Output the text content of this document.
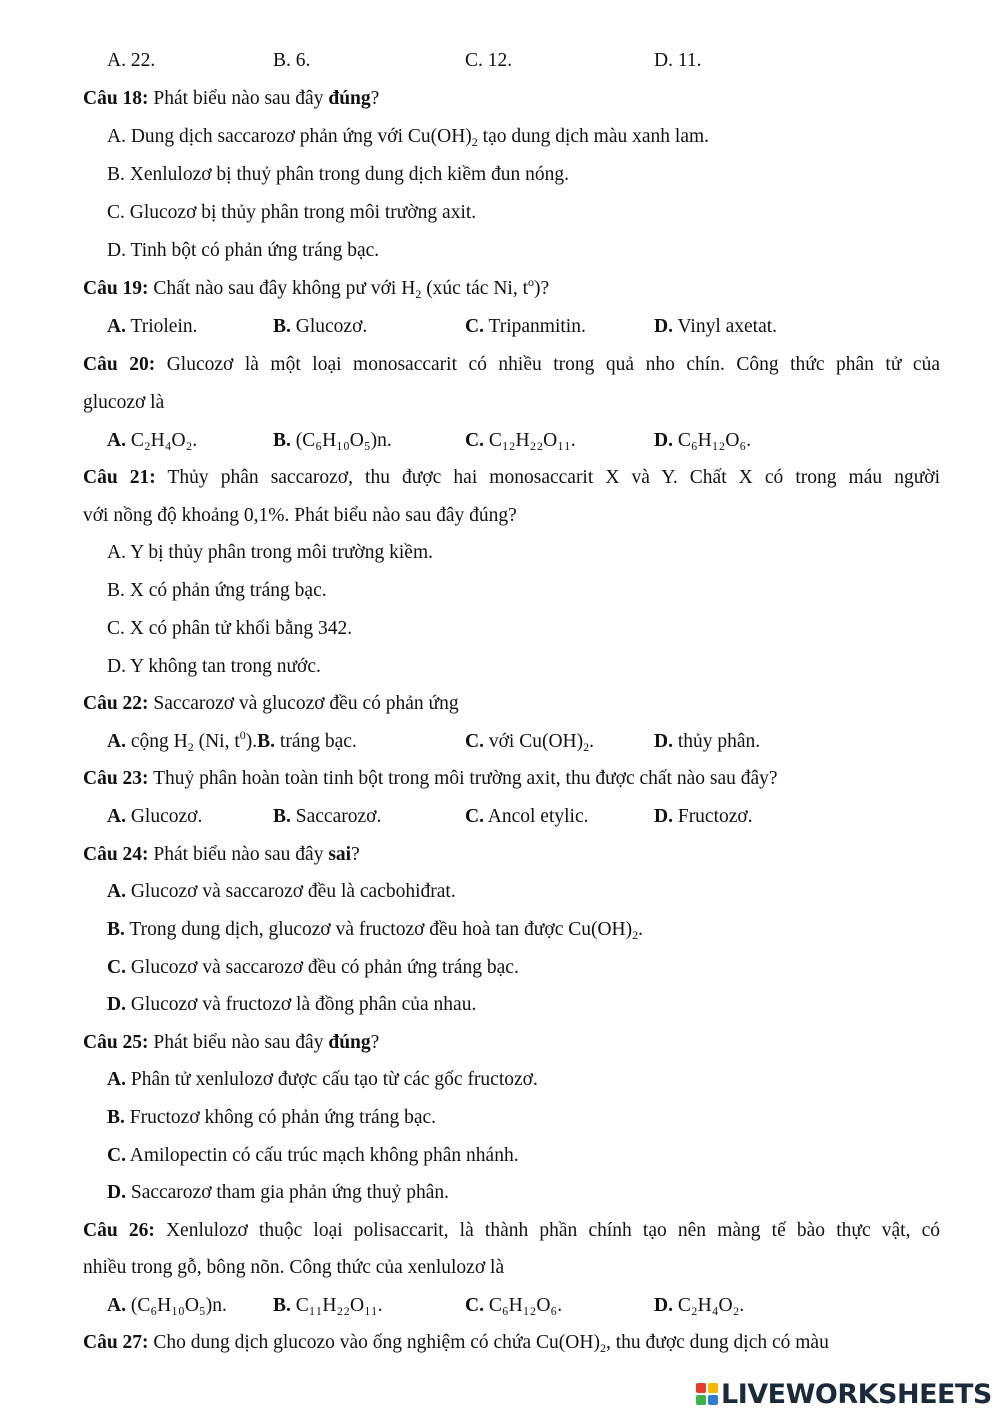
A. 22.	B. 6.	C. 12.	D. 11.
Câu 18: Phát biểu nào sau đây đúng?
A. Dung dịch saccarozơ phản ứng với $Cu(OH)_2$ tạo dung dịch màu xanh lam.
B. Xenlulozơ bị thuỷ phân trong dung dịch kiềm đun nóng.
C. Glucozơ bị thủy phân trong môi trường axit.
D. Tinh bột có phản ứng tráng bạc.
Câu 19: Chất nào sau đây không pư với $H_2$ (xúc tác Ni, $t^o$)?
A. Triolein.	B. Glucozơ.	C. Tripanmitin.	D. Vinyl axetat.
Câu 20: Glucozơ là một loại monosaccarit có nhiều trong quả nho chín. Công thức phân tử của
glucozơ là
A. C₂H₄O₂.	B. (C₆H₁₀O₅)n.	C. C₁₂H₂₂O₁₁.	D. C₆H₁₂O₆.
Câu 21: Thủy phân saccarozơ, thu được hai monosaccarit X và Y. Chất X có trong máu người
với nồng độ khoảng 0,1%. Phát biểu nào sau đây đúng?
A. Y bị thủy phân trong môi trường kiềm.
B. X có phản ứng tráng bạc.
C. X có phân tử khối bằng 342.
D. Y không tan trong nước.
Câu 22: Saccarozơ và glucozơ đều có phản ứng
A. cộng $H_2$ (Ni, $t^0).B$. tráng bạc.	C. với $Cu(OH)_2$.	D. thủy phân.
Câu 23: Thuỷ phân hoàn toàn tinh bột trong môi trường axit, thu được chất nào sau đây?
A. Glucozơ.	B. Saccarozơ.	C. Ancol etylic.	D. Fructozơ.
Câu 24: Phát biểu nào sau đây sai?
A. Glucozơ và saccarozơ đều là cacbohiđrat.
B. Trong dung dịch, glucozơ và fructozơ đều hoà tan được $Cu(OH)_2$.
C. Glucozơ và saccarozơ đều có phản ứng tráng bạc.
D. Glucozơ và fructozơ là đồng phân của nhau.
Câu 25: Phát biểu nào sau đây đúng?
A. Phân tử xenlulozơ được cấu tạo từ các gốc fructozơ.
B. Fructozơ không có phản ứng tráng bạc.
C. Amilopectin có cấu trúc mạch không phân nhánh.
D. Saccarozơ tham gia phản ứng thuỷ phân.
Câu 26: Xenlulozơ thuộc loại polisaccarit, là thành phần chính tạo nên màng tế bào thực vật, có
nhiều trong gỗ, bông nõn. Công thức của xenlulozơ là
A. (C₆H₁₀O₅)n. B. C₁₁H₂₂O₁₁.	C. C₆H₁₂O₆.	D. C₂H₄O₂.
Câu 27: Cho dung dịch glucozo vào ống nghiệm có chứa $Cu(OH)_2$, thu được dung dịch có màu
LIVEWORKSHEETS
